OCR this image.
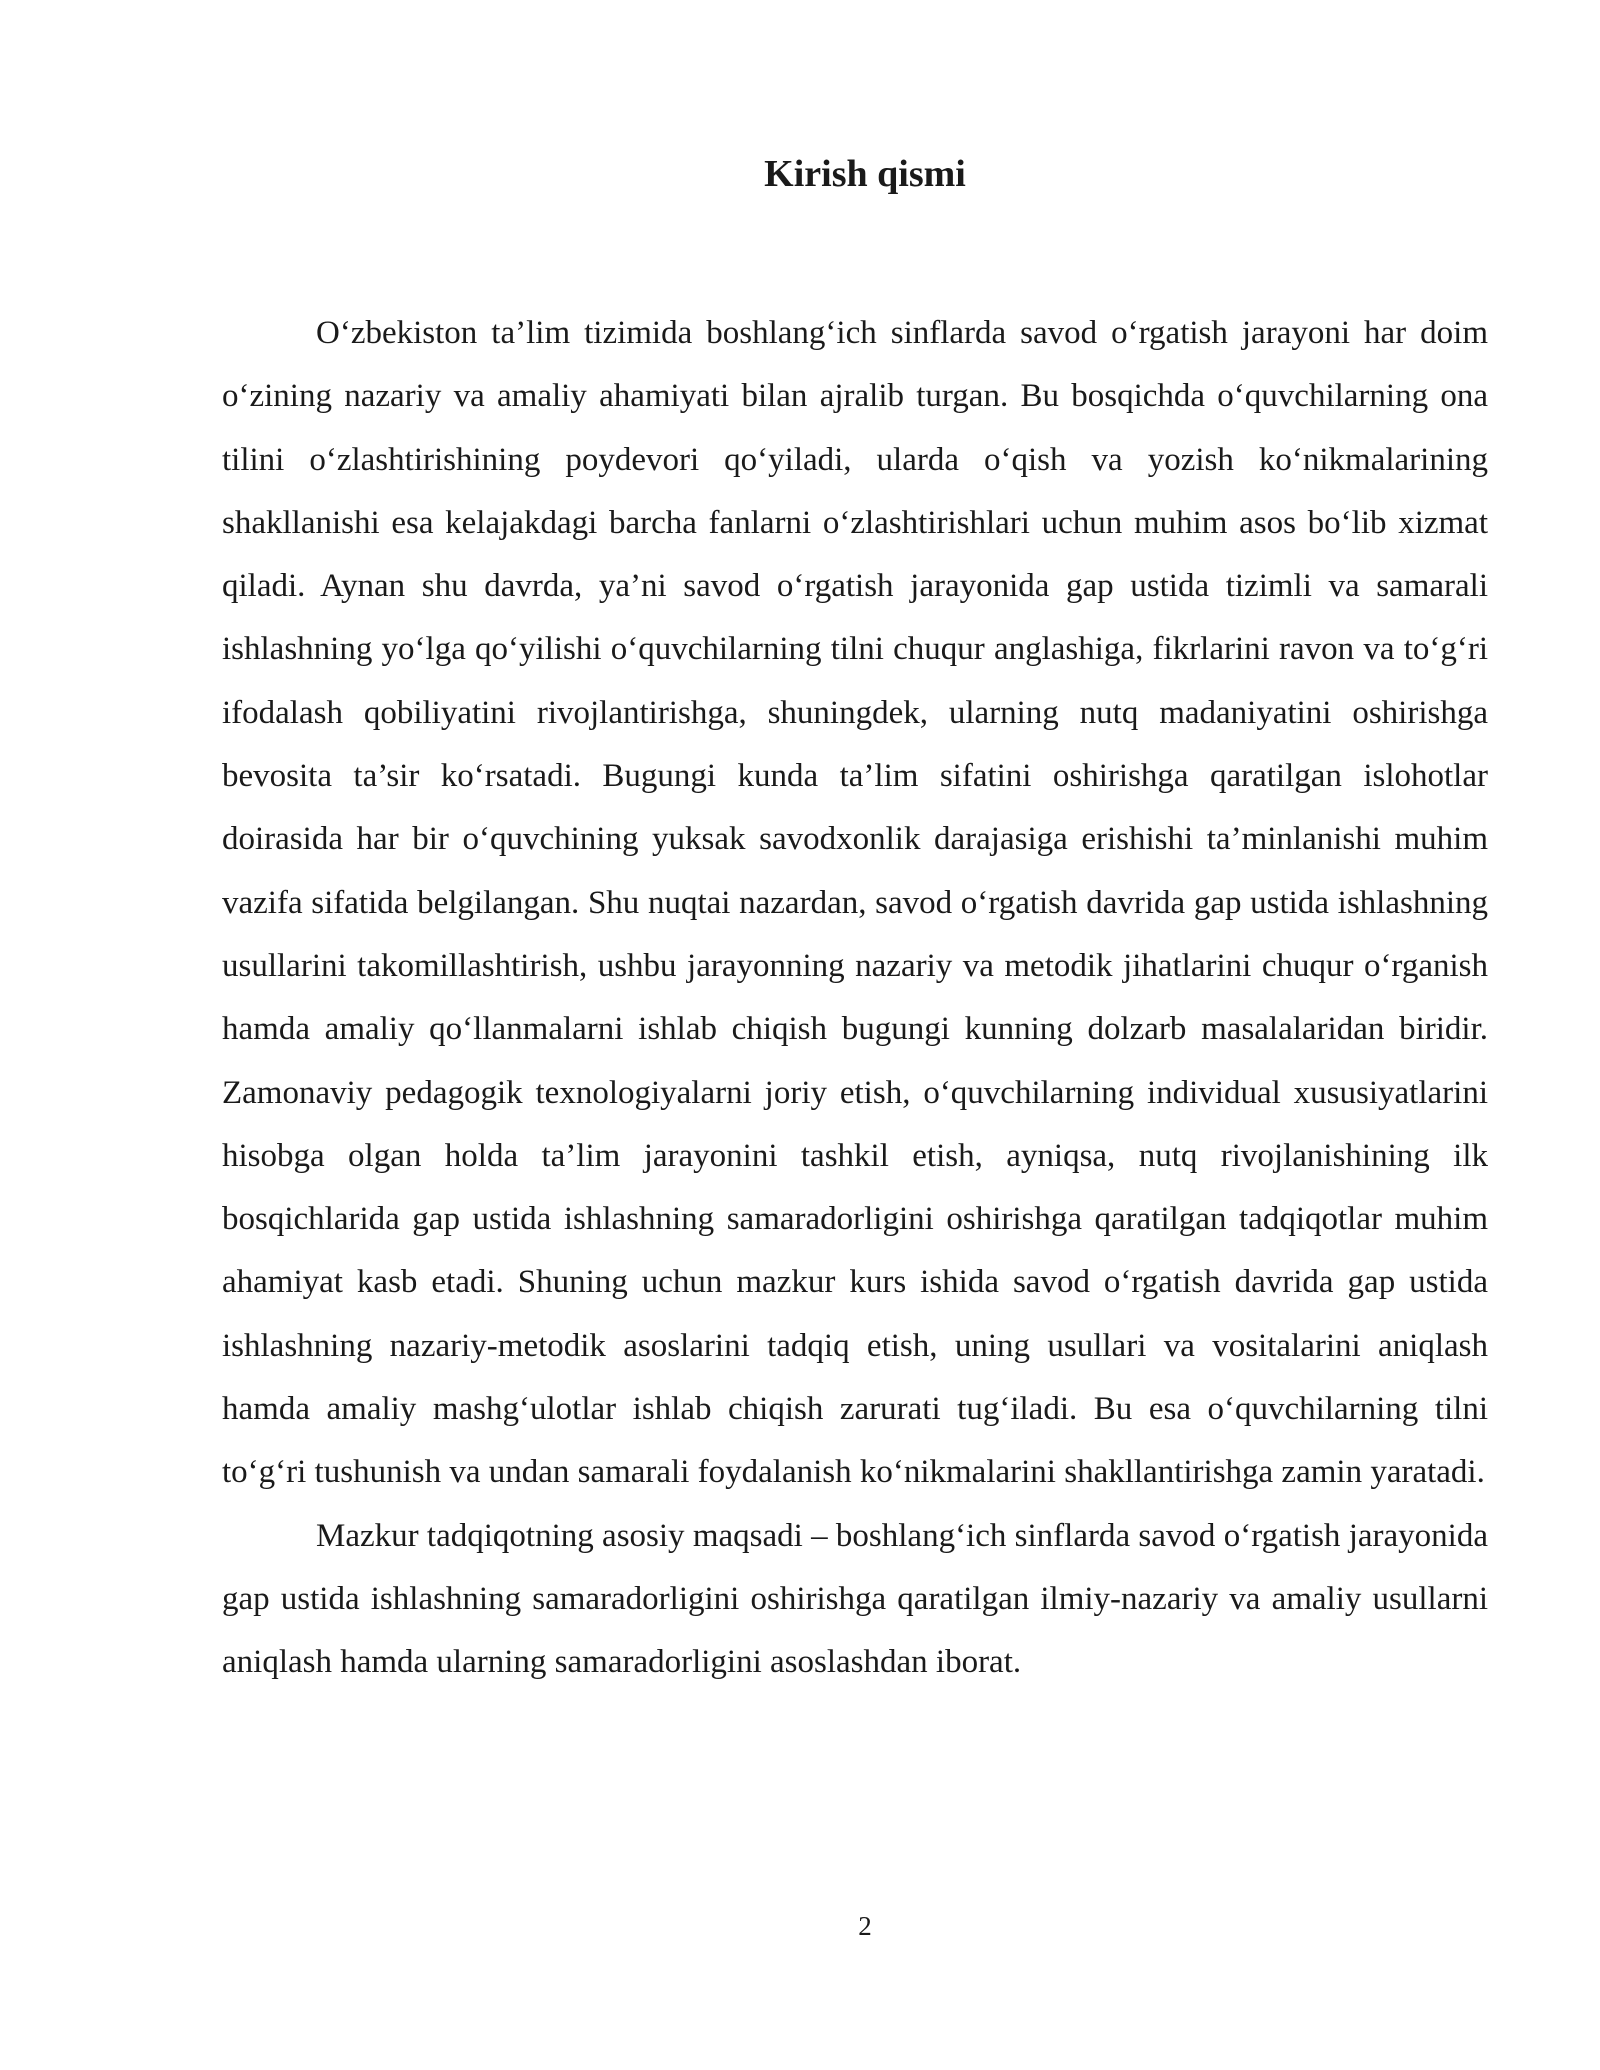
Kirish qismi

O‘zbekiston ta’lim tizimida boshlang‘ich sinflarda savod o‘rgatish jarayoni har doim o‘zining nazariy va amaliy ahamiyati bilan ajralib turgan. Bu bosqichda o‘quvchilarning ona tilini o‘zlashtirishining poydevori qo‘yiladi, ularda o‘qish va yozish ko‘nikmalarining shakllanishi esa kelajakdagi barcha fanlarni o‘zlashtirishlari uchun muhim asos bo‘lib xizmat qiladi. Aynan shu davrda, ya’ni savod o‘rgatish jarayonida gap ustida tizimli va samarali ishlashning yo‘lga qo‘yilishi o‘quvchilarning tilni chuqur anglashiga, fikrlarini ravon va to‘g‘ri ifodalash qobiliyatini rivojlantirishga, shuningdek, ularning nutq madaniyatini oshirishga bevosita ta’sir ko‘rsatadi. Bugungi kunda ta’lim sifatini oshirishga qaratilgan islohotlar doirasida har bir o‘quvchining yuksak savodxonlik darajasiga erishishi ta’minlanishi muhim vazifa sifatida belgilangan. Shu nuqtai nazardan, savod o‘rgatish davrida gap ustida ishlashning usullarini takomillashtirish, ushbu jarayonning nazariy va metodik jihatlarini chuqur o‘rganish hamda amaliy qo‘llanmalarni ishlab chiqish bugungi kunning dolzarb masalalaridan biridir. Zamonaviy pedagogik texnologiyalarni joriy etish, o‘quvchilarning individual xususiyatlarini hisobga olgan holda ta’lim jarayonini tashkil etish, ayniqsa, nutq rivojlanishining ilk bosqichlarida gap ustida ishlashning samaradorligini oshirishga qaratilgan tadqiqotlar muhim ahamiyat kasb etadi. Shuning uchun mazkur kurs ishida savod o‘rgatish davrida gap ustida ishlashning nazariy-metodik asoslarini tadqiq etish, uning usullari va vositalarini aniqlash hamda amaliy mashg‘ulotlar ishlab chiqish zarurati tug‘iladi. Bu esa o‘quvchilarning tilni to‘g‘ri tushunish va undan samarali foydalanish ko‘nikmalarini shakllantirishga zamin yaratadi.

Mazkur tadqiqotning asosiy maqsadi – boshlang‘ich sinflarda savod o‘rgatish jarayonida gap ustida ishlashning samaradorligini oshirishga qaratilgan ilmiy-nazariy va amaliy usullarni aniqlash hamda ularning samaradorligini asoslashdan iborat.

2
